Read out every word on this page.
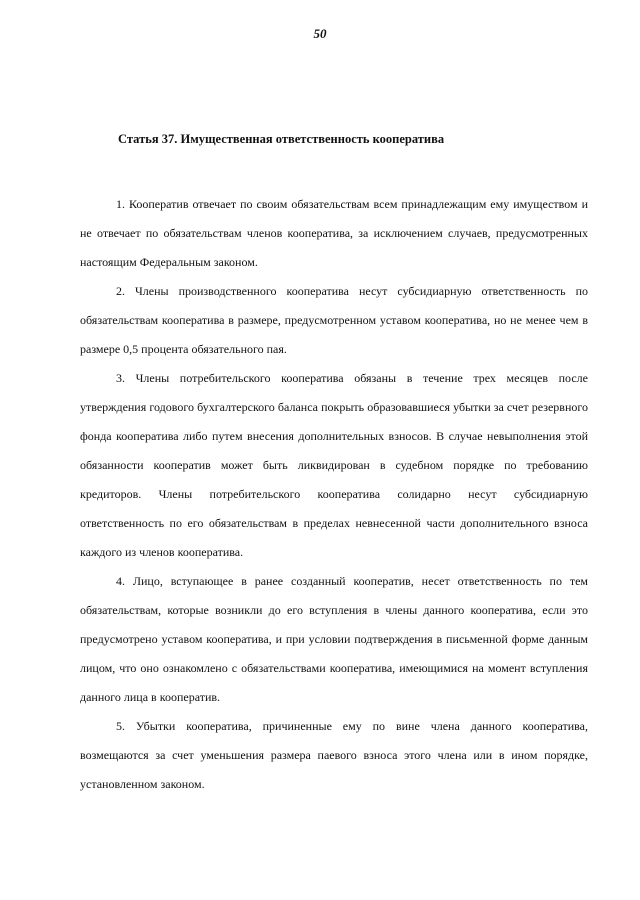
50
Статья 37. Имущественная ответственность кооператива

1. Кооператив отвечает по своим обязательствам всем принадлежащим ему имуществом и не отвечает по обязательствам членов кооператива, за исключением случаев, предусмотренных настоящим Федеральным законом.

2. Члены производственного кооператива несут субсидиарную ответственность по обязательствам кооператива в размере, предусмотренном уставом кооператива, но не менее чем в размере 0,5 процента обязательного пая.

3. Члены потребительского кооператива обязаны в течение трех месяцев после утверждения годового бухгалтерского баланса покрыть образовавшиеся убытки за счет резервного фонда кооператива либо путем внесения дополнительных взносов. В случае невыполнения этой обязанности кооператив может быть ликвидирован в судебном порядке по требованию кредиторов. Члены потребительского кооператива солидарно несут субсидиарную ответственность по его обязательствам в пределах невнесенной части дополнительного взноса каждого из членов кооператива.

4. Лицо, вступающее в ранее созданный кооператив, несет ответственность по тем обязательствам, которые возникли до его вступления в члены данного кооператива, если это предусмотрено уставом кооператива, и при условии подтверждения в письменной форме данным лицом, что оно ознакомлено с обязательствами кооператива, имеющимися на момент вступления данного лица в кооператив.

5. Убытки кооператива, причиненные ему по вине члена данного кооператива, возмещаются за счет уменьшения размера паевого взноса этого члена или в ином порядке, установленном законом.
